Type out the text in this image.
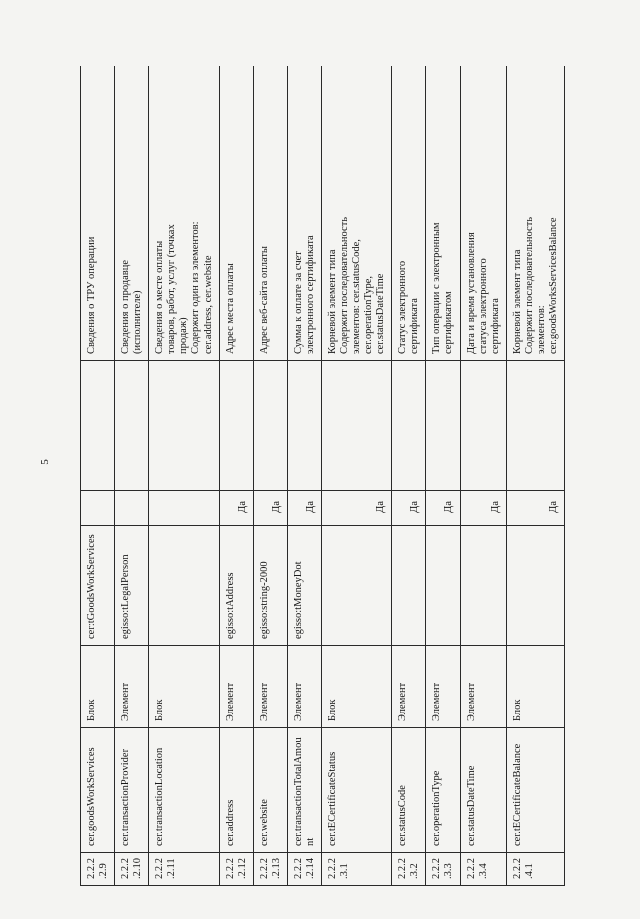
5
2.2.2.2.9	cer.goodsWorkServices	Блок	cer:tGoodsWorkServices			Сведения о ТРУ операции

2.2.2.2.10	cer.transactionProvider	Элемент	egisso:tLegalPerson			Сведения о продавце (исполнителе)

2.2.2.2.11	cer.transactionLocation	Блок				Сведения о месте оплаты товаров, работ, услуг (точках продаж) Содержит один из элементов: cer.address, cer.website

2.2.2.2.12	cer.address	Элемент	egisso:tAddress	Да		Адрес места оплаты

2.2.2.2.13	cer.website	Элемент	egisso:string-2000	Да		Адрес веб-сайта оплаты

2.2.2.2.14	cer.transactionTotalAmount	Элемент	egisso:tMoneyDot	Да		Сумма к оплате за счет электронного сертификата

2.2.2.3.1	cer.tECertificateStatus	Блок		Да		Корневой элемент типа Содержит последовательность элементов: cer.statusCode, cer.operationType, cer.statusDateTime

2.2.2.3.2	cer.statusCode	Элемент		Да		Статус электронного сертификата

2.2.2.3.3	cer.operationType	Элемент		Да		Тип операции с электронным сертификатом

2.2.2.3.4	cer.statusDateTime	Элемент		Да		Дата и время установления статуса электронного сертификата

2.2.2.4.1	cer.tECertificateBalance	Блок		Да		Корневой элемент типа Содержит последовательность элементов: cer.goodsWorksServicesBalance
